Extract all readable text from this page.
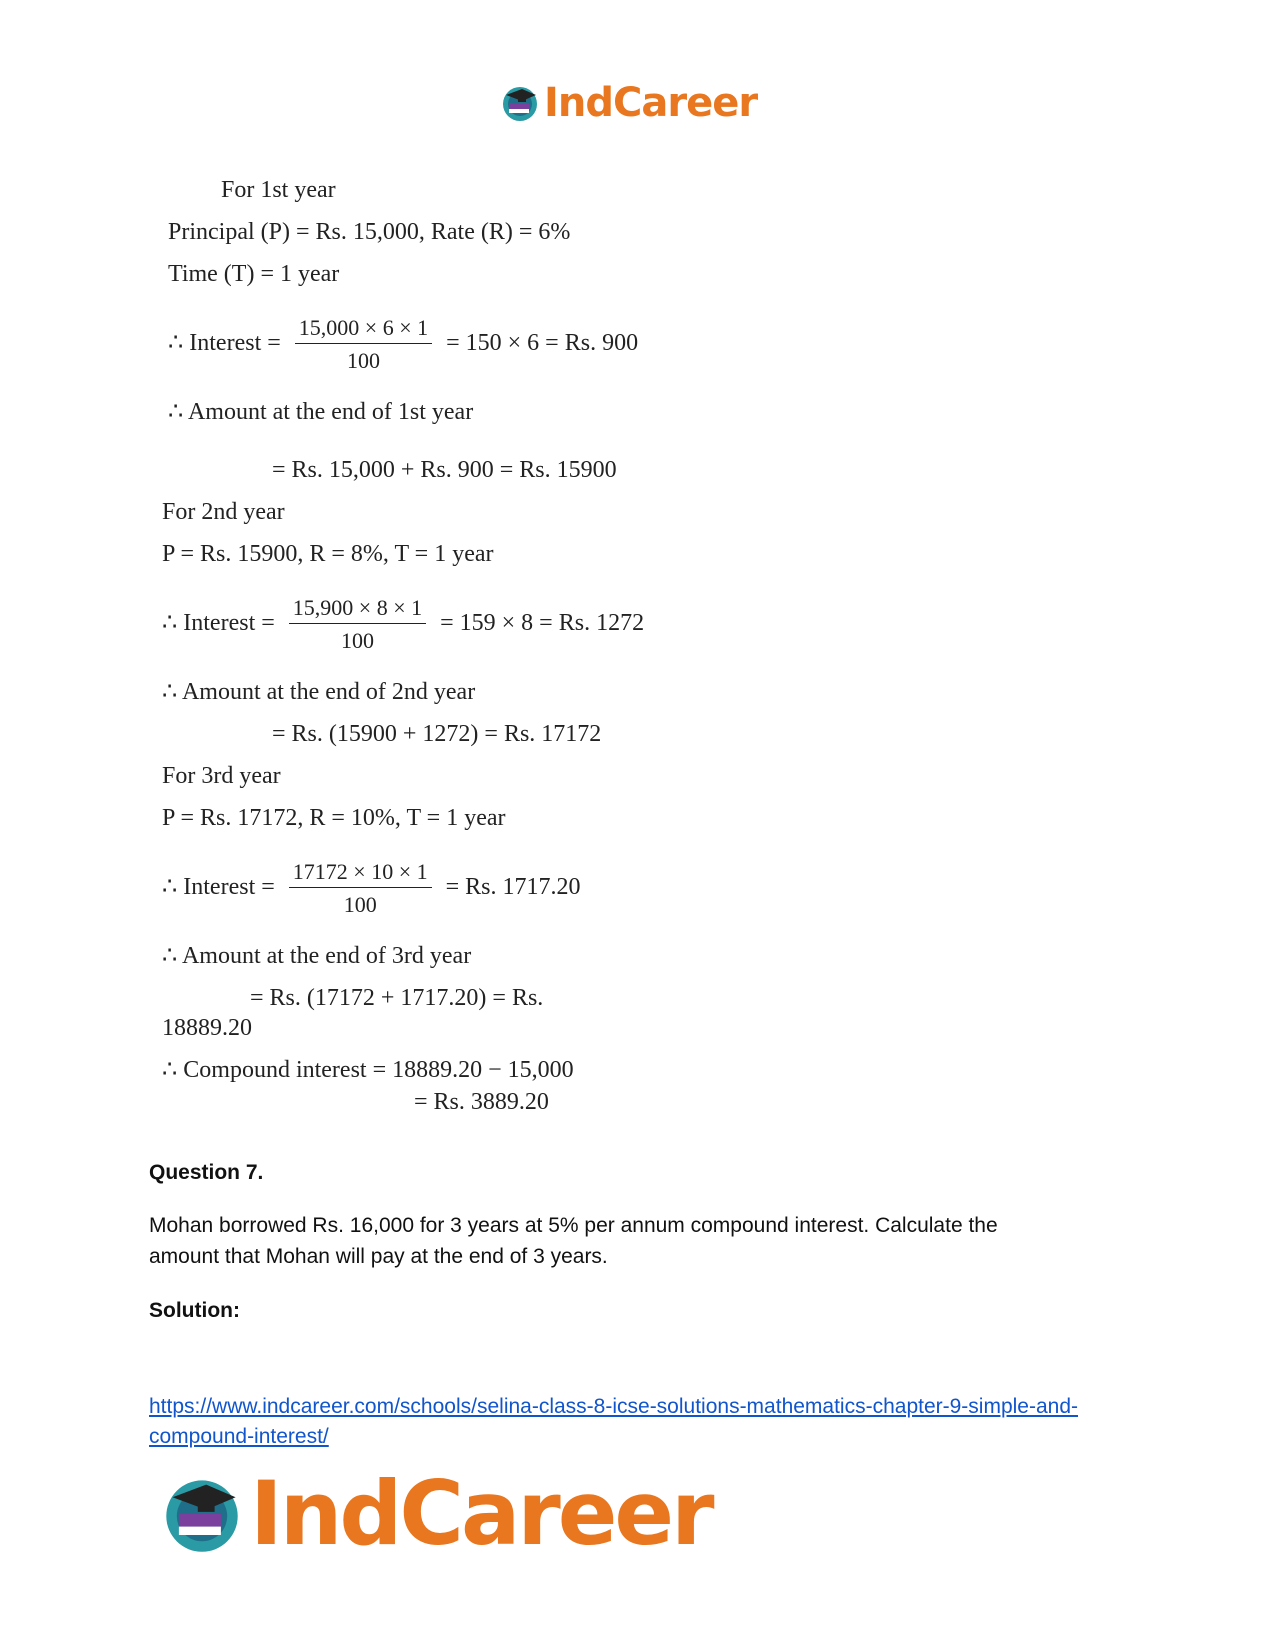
IndCareer
For 1st year
Principal (P) = Rs. 15,000, Rate (R) = 6%
Time (T) = 1 year
∴ Interest = $\frac{15,000 \times 6 \times 1}{100} = 150 \times 6 = Rs$. 900
∴ Amount at the end of 1st year
= Rs. 15,000 + Rs. 900 = Rs. 15900
For 2nd year
P = Rs. 15900, R = 8%, T = 1 year
∴ Interest = $\frac{15,900 \times 8 \times 1}{100} = 159 \times 8 = Rs$. 1272
∴ Amount at the end of 2nd year
= Rs. (15900 + 1272) = Rs. 17172
For 3rd year
P = Rs. 17172, R = 10%, T = 1 year
∴ Interest = $\frac{17172 \times 10 \times 1}{100} = Rs$. 1717.20
∴ Amount at the end of 3rd year
= Rs. (17172 + 1717.20) = Rs.
18889.20
∴ Compound interest = 18889.20 − 15,000
= Rs. 3889.20
Question 7.
Mohan borrowed Rs. 16,000 for 3 years at 5% per annum compound interest. Calculate the
amount that Mohan will pay at the end of 3 years.
Solution:
https://www.indcareer.com/schools/selina-class-8-icse-solutions-mathematics-chapter-9-simple-and-compound-interest/
IndCareer
